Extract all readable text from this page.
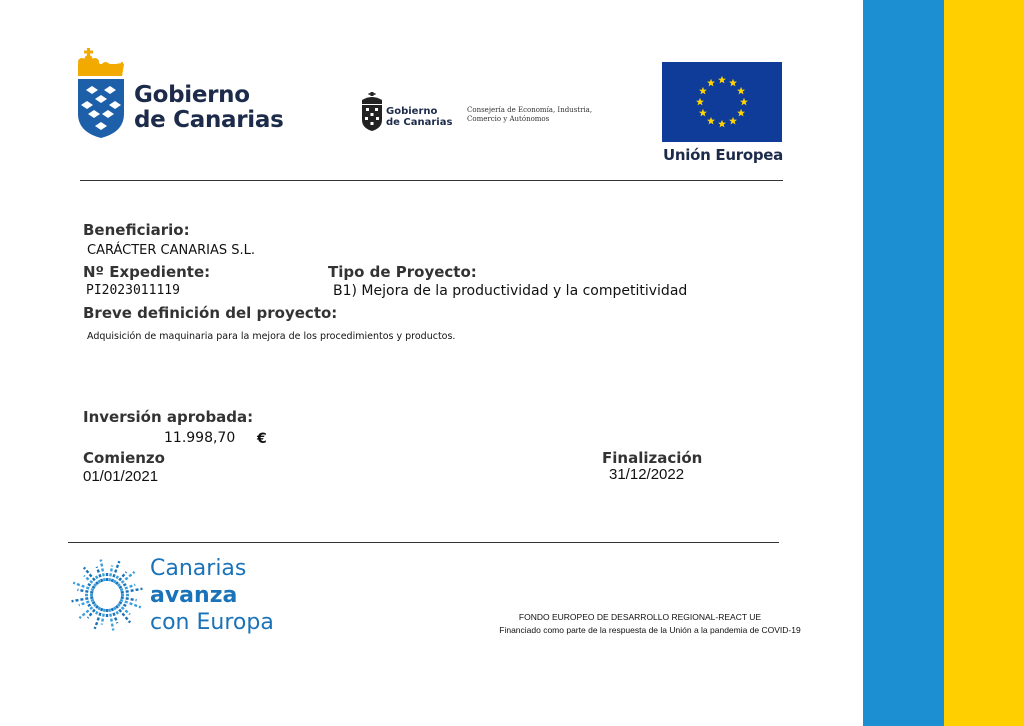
Gobierno
de Canarias	Gobierno
de Canarias
Consejería de Economía, Industria,
Comercio y Autónomos
Unión Europea
Beneficiario:
CARÁCTER CANARIAS S.L.
Nº Expediente:
PI2023011119
Tipo de Proyecto:
B1) Mejora de la productividad y la competitividad
Breve definición del proyecto:
Adquisición de maquinaria para la mejora de los procedimientos y productos.
Inversión aprobada:
11.998,70 €
Comienzo
01/01/2021
Finalización
31/12/2022
Canarias
avanza
con Europa	FONDO EUROPEO DE DESARROLLO REGIONAL-REACT UE
Financiado como parte de la respuesta de la Unión a la pandemia de COVID-19
